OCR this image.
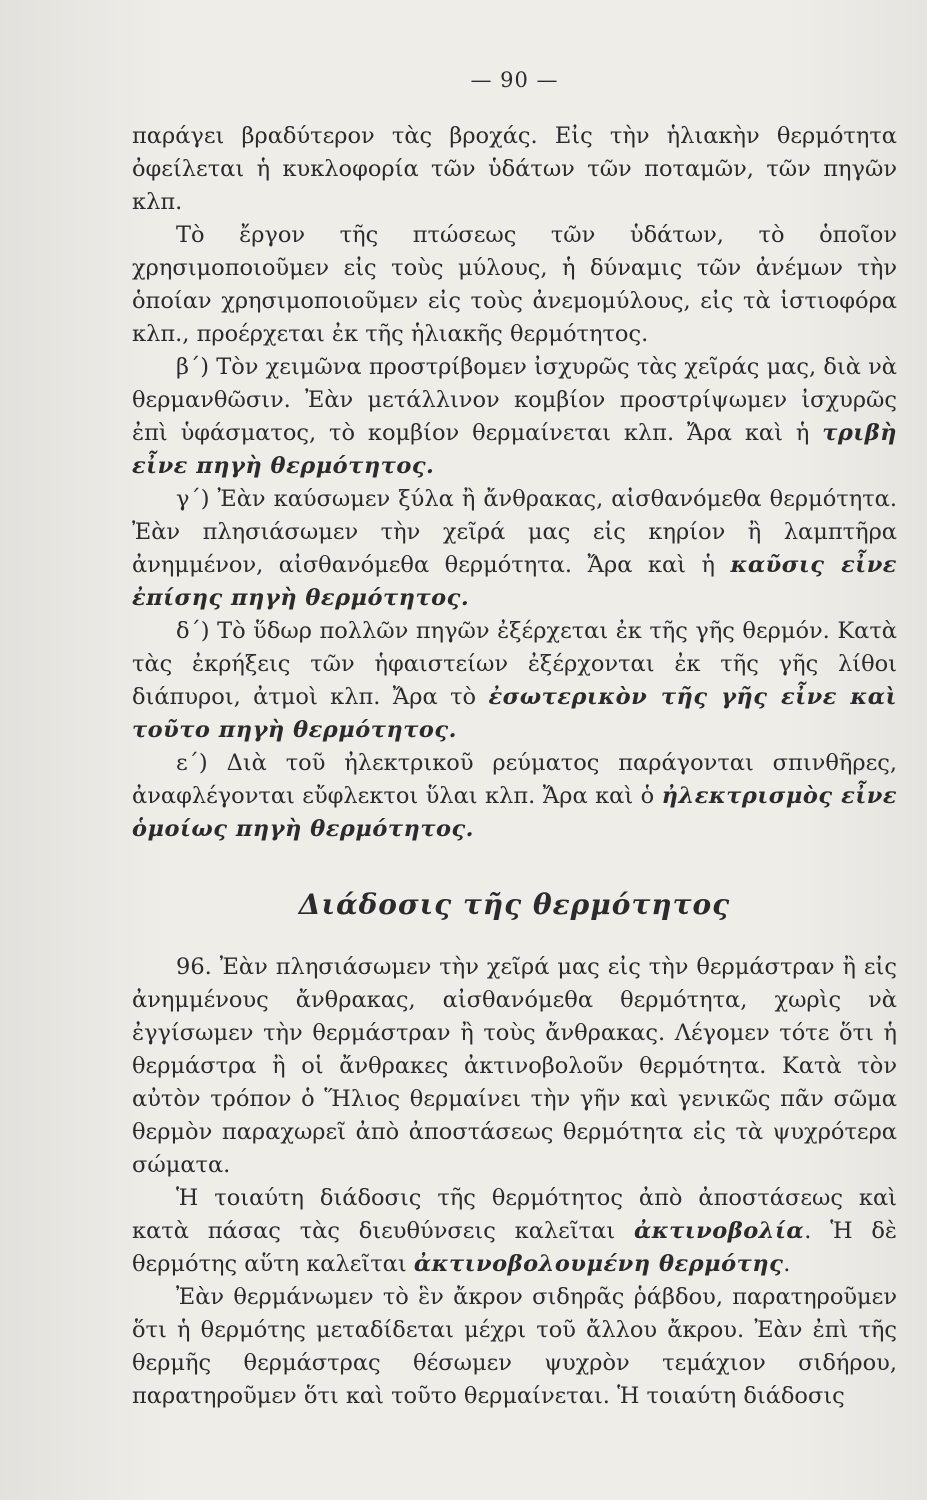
— 90 —

παράγει βραδύτερον τὰς βροχάς. Εἰς τὴν ἡλιακὴν θερμότητα ὀφείλεται ἡ κυκλοφορία τῶν ὑδάτων τῶν ποταμῶν, τῶν πηγῶν κλπ.

Τὸ ἔργον τῆς πτώσεως τῶν ὑδάτων, τὸ ὁποῖον χρησιμοποιοῦμεν εἰς τοὺς μύλους, ἡ δύναμις τῶν ἀνέμων τὴν ὁποίαν χρησιμοποιοῦμεν εἰς τοὺς ἀνεμομύλους, εἰς τὰ ἱστιοφόρα κλπ., προέρχεται ἐκ τῆς ἡλιακῆς θερμότητος.

β΄) Τὸν χειμῶνα προστρίβομεν ἰσχυρῶς τὰς χεῖράς μας, διὰ νὰ θερμανθῶσιν. Ἐὰν μετάλλινον κομβίον προστρίψωμεν ἰσχυρῶς ἐπὶ ὑφάσματος, τὸ κομβίον θερμαίνεται κλπ. Ἄρα καὶ ἡ τριβὴ εἶνε πηγὴ θερμότητος.

γ΄) Ἐὰν καύσωμεν ξύλα ἢ ἄνθρακας, αἰσθανόμεθα θερμότητα. Ἐὰν πλησιάσωμεν τὴν χεῖρά μας εἰς κηρίον ἢ λαμπτῆρα ἀνημμένον, αἰσθανόμεθα θερμότητα. Ἄρα καὶ ἡ καῦσις εἶνε ἐπίσης πηγὴ θερμότητος.

δ΄) Τὸ ὕδωρ πολλῶν πηγῶν ἐξέρχεται ἐκ τῆς γῆς θερμόν. Κατὰ τὰς ἐκρήξεις τῶν ἡφαιστείων ἐξέρχονται ἐκ τῆς γῆς λίθοι διάπυροι, ἀτμοὶ κλπ. Ἄρα τὸ ἐσωτερικὸν τῆς γῆς εἶνε καὶ τοῦτο πηγὴ θερμότητος.

ε΄) Διὰ τοῦ ἠλεκτρικοῦ ρεύματος παράγονται σπινθῆρες, ἀναφλέγονται εὔφλεκτοι ὕλαι κλπ. Ἄρα καὶ ὁ ἠλεκτρισμὸς εἶνε ὁμοίως πηγὴ θερμότητος.

Διάδοσις τῆς θερμότητος

96. Ἐὰν πλησιάσωμεν τὴν χεῖρά μας εἰς τὴν θερμάστραν ἢ εἰς ἀνημμένους ἄνθρακας, αἰσθανόμεθα θερμότητα, χωρὶς νὰ ἐγγίσωμεν τὴν θερμάστραν ἢ τοὺς ἄνθρακας. Λέγομεν τότε ὅτι ἡ θερμάστρα ἢ οἱ ἄνθρακες ἀκτινοβολοῦν θερμότητα. Κατὰ τὸν αὐτὸν τρόπον ὁ Ἥλιος θερμαίνει τὴν γῆν καὶ γενικῶς πᾶν σῶμα θερμὸν παραχωρεῖ ἀπὸ ἀποστάσεως θερμότητα εἰς τὰ ψυχρότερα σώματα.

Ἡ τοιαύτη διάδοσις τῆς θερμότητος ἀπὸ ἀποστάσεως καὶ κατὰ πάσας τὰς διευθύνσεις καλεῖται ἀκτινοβολία. Ἡ δὲ θερμότης αὕτη καλεῖται ἀκτινοβολουμένη θερμότης.

Ἐὰν θερμάνωμεν τὸ ἓν ἄκρον σιδηρᾶς ῥάβδου, παρατηροῦμεν ὅτι ἡ θερμότης μεταδίδεται μέχρι τοῦ ἄλλου ἄκρου. Ἐὰν ἐπὶ τῆς θερμῆς θερμάστρας θέσωμεν ψυχρὸν τεμάχιον σιδήρου, παρατηροῦμεν ὅτι καὶ τοῦτο θερμαίνεται. Ἡ τοιαύτη διάδοσις
